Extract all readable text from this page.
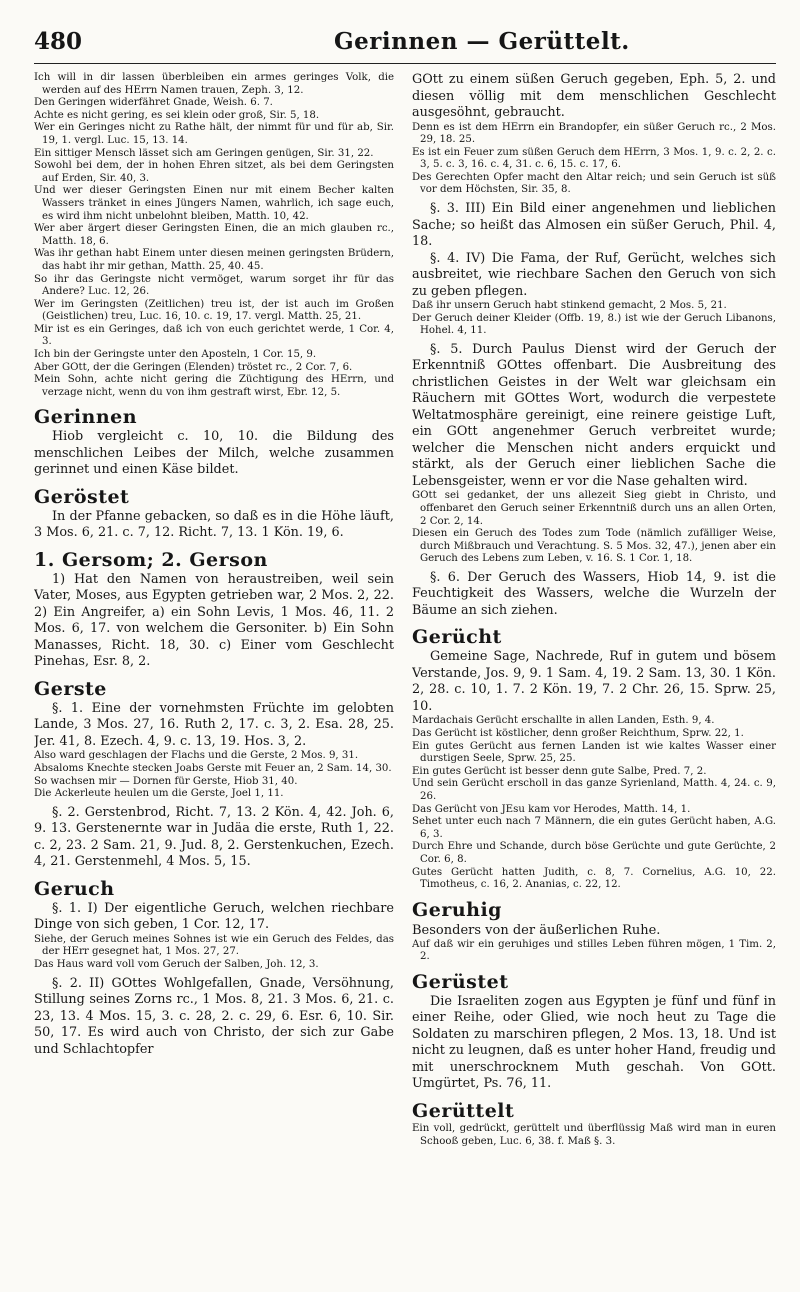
480	Gerinnen — Gerüttelt.

Ich will in dir lassen überbleiben ein armes geringes Volk, die werden auf des HErrn Namen trauen, Zeph. 3, 12.

Den Geringen widerfähret Gnade, Weish. 6. 7.

Achte es nicht gering, es sei klein oder groß, Sir. 5, 18.

Wer ein Geringes nicht zu Rathe hält, der nimmt für und für ab, Sir. 19, 1. vergl. Luc. 15, 13. 14.

Ein sittiger Mensch lässet sich am Geringen genügen, Sir. 31, 22.

Sowohl bei dem, der in hohen Ehren sitzet, als bei dem Geringsten auf Erden, Sir. 40, 3.

Und wer dieser Geringsten Einen nur mit einem Becher kalten Wassers tränket in eines Jüngers Namen, wahrlich, ich sage euch, es wird ihm nicht unbelohnt bleiben, Matth. 10, 42.

Wer aber ärgert dieser Geringsten Einen, die an mich glauben rc., Matth. 18, 6.

Was ihr gethan habt Einem unter diesen meinen geringsten Brüdern, das habt ihr mir gethan, Matth. 25, 40. 45.

So ihr das Geringste nicht vermöget, warum sorget ihr für das Andere? Luc. 12, 26.

Wer im Geringsten (Zeitlichen) treu ist, der ist auch im Großen (Geistlichen) treu, Luc. 16, 10. c. 19, 17. vergl. Matth. 25, 21.

Mir ist es ein Geringes, daß ich von euch gerichtet werde, 1 Cor. 4, 3.

Ich bin der Geringste unter den Aposteln, 1 Cor. 15, 9.

Aber GOtt, der die Geringen (Elenden) tröstet rc., 2 Cor. 7, 6.

Mein Sohn, achte nicht gering die Züchtigung des HErrn, und verzage nicht, wenn du von ihm gestraft wirst, Ebr. 12, 5.

Gerinnen

Hiob vergleicht c. 10, 10. die Bildung des menschlichen Leibes der Milch, welche zusammen gerinnet und einen Käse bildet.

Geröstet

In der Pfanne gebacken, so daß es in die Höhe läuft, 3 Mos. 6, 21. c. 7, 12. Richt. 7, 13. 1 Kön. 19, 6.

1. Gersom; 2. Gerson

1) Hat den Namen von heraustreiben, weil sein Vater, Moses, aus Egypten getrieben war, 2 Mos. 2, 22. 2) Ein Angreifer, a) ein Sohn Levis, 1 Mos. 46, 11. 2 Mos. 6, 17. von welchem die Gersoniter. b) Ein Sohn Manasses, Richt. 18, 30. c) Einer vom Geschlecht Pinehas, Esr. 8, 2.

Gerste

§. 1. Eine der vornehmsten Früchte im gelobten Lande, 3 Mos. 27, 16. Ruth 2, 17. c. 3, 2. Esa. 28, 25. Jer. 41, 8. Ezech. 4, 9. c. 13, 19. Hos. 3, 2.

Also ward geschlagen der Flachs und die Gerste, 2 Mos. 9, 31.

Absaloms Knechte stecken Joabs Gerste mit Feuer an, 2 Sam. 14, 30.

So wachsen mir — Dornen für Gerste, Hiob 31, 40.

Die Ackerleute heulen um die Gerste, Joel 1, 11.

§. 2. Gerstenbrod, Richt. 7, 13. 2 Kön. 4, 42. Joh. 6, 9. 13. Gerstenernte war in Judäa die erste, Ruth 1, 22. c. 2, 23. 2 Sam. 21, 9. Jud. 8, 2. Gerstenkuchen, Ezech. 4, 21. Gerstenmehl, 4 Mos. 5, 15.

Geruch

§. 1. I) Der eigentliche Geruch, welchen riechbare Dinge von sich geben, 1 Cor. 12, 17.

Siehe, der Geruch meines Sohnes ist wie ein Geruch des Feldes, das der HErr gesegnet hat, 1 Mos. 27, 27.

Das Haus ward voll vom Geruch der Salben, Joh. 12, 3.

§. 2. II) GOttes Wohlgefallen, Gnade, Versöhnung, Stillung seines Zorns rc., 1 Mos. 8, 21. 3 Mos. 6, 21. c. 23, 13. 4 Mos. 15, 3. c. 28, 2. c. 29, 6. Esr. 6, 10. Sir. 50, 17. Es wird auch von Christo, der sich zur Gabe und Schlachtopfer

GOtt zu einem süßen Geruch gegeben, Eph. 5, 2. und diesen völlig mit dem menschlichen Geschlecht ausgesöhnt, gebraucht.

Denn es ist dem HErrn ein Brandopfer, ein süßer Geruch rc., 2 Mos. 29, 18. 25.

Es ist ein Feuer zum süßen Geruch dem HErrn, 3 Mos. 1, 9. c. 2, 2. c. 3, 5. c. 3, 16. c. 4, 31. c. 6, 15. c. 17, 6.

Des Gerechten Opfer macht den Altar reich; und sein Geruch ist süß vor dem Höchsten, Sir. 35, 8.

§. 3. III) Ein Bild einer angenehmen und lieblichen Sache; so heißt das Almosen ein süßer Geruch, Phil. 4, 18.

§. 4. IV) Die Fama, der Ruf, Gerücht, welches sich ausbreitet, wie riechbare Sachen den Geruch von sich zu geben pflegen.

Daß ihr unsern Geruch habt stinkend gemacht, 2 Mos. 5, 21.

Der Geruch deiner Kleider (Offb. 19, 8.) ist wie der Geruch Libanons, Hohel. 4, 11.

§. 5. Durch Paulus Dienst wird der Geruch der Erkenntniß GOttes offenbart. Die Ausbreitung des christlichen Geistes in der Welt war gleichsam ein Räuchern mit GOttes Wort, wodurch die verpestete Weltatmosphäre gereinigt, eine reinere geistige Luft, ein GOtt angenehmer Geruch verbreitet wurde; welcher die Menschen nicht anders erquickt und stärkt, als der Geruch einer lieblichen Sache die Lebensgeister, wenn er vor die Nase gehalten wird.

GOtt sei gedanket, der uns allezeit Sieg giebt in Christo, und offenbaret den Geruch seiner Erkenntniß durch uns an allen Orten, 2 Cor. 2, 14.

Diesen ein Geruch des Todes zum Tode (nämlich zufälliger Weise, durch Mißbrauch und Verachtung. S. 5 Mos. 32, 47.), jenen aber ein Geruch des Lebens zum Leben, v. 16. S. 1 Cor. 1, 18.

§. 6. Der Geruch des Wassers, Hiob 14, 9. ist die Feuchtigkeit des Wassers, welche die Wurzeln der Bäume an sich ziehen.

Gerücht

Gemeine Sage, Nachrede, Ruf in gutem und bösem Verstande, Jos. 9, 9. 1 Sam. 4, 19. 2 Sam. 13, 30. 1 Kön. 2, 28. c. 10, 1. 7. 2 Kön. 19, 7. 2 Chr. 26, 15. Sprw. 25, 10.

Mardachais Gerücht erschallte in allen Landen, Esth. 9, 4.

Das Gerücht ist köstlicher, denn großer Reichthum, Sprw. 22, 1.

Ein gutes Gerücht aus fernen Landen ist wie kaltes Wasser einer durstigen Seele, Sprw. 25, 25.

Ein gutes Gerücht ist besser denn gute Salbe, Pred. 7, 2.

Und sein Gerücht erscholl in das ganze Syrienland, Matth. 4, 24. c. 9, 26.

Das Gerücht von JEsu kam vor Herodes, Matth. 14, 1.

Sehet unter euch nach 7 Männern, die ein gutes Gerücht haben, A.G. 6, 3.

Durch Ehre und Schande, durch böse Gerüchte und gute Gerüchte, 2 Cor. 6, 8.

Gutes Gerücht hatten Judith, c. 8, 7. Cornelius, A.G. 10, 22. Timotheus, c. 16, 2. Ananias, c. 22, 12.

Geruhig

Besonders von der äußerlichen Ruhe.

Auf daß wir ein geruhiges und stilles Leben führen mögen, 1 Tim. 2, 2.

Gerüstet

Die Israeliten zogen aus Egypten je fünf und fünf in einer Reihe, oder Glied, wie noch heut zu Tage die Soldaten zu marschiren pflegen, 2 Mos. 13, 18. Und ist nicht zu leugnen, daß es unter hoher Hand, freudig und mit unerschrocknem Muth geschah. Von GOtt. Umgürtet, Ps. 76, 11.

Gerüttelt

Ein voll, gedrückt, gerüttelt und überflüssig Maß wird man in euren Schooß geben, Luc. 6, 38. f. Maß §. 3.
